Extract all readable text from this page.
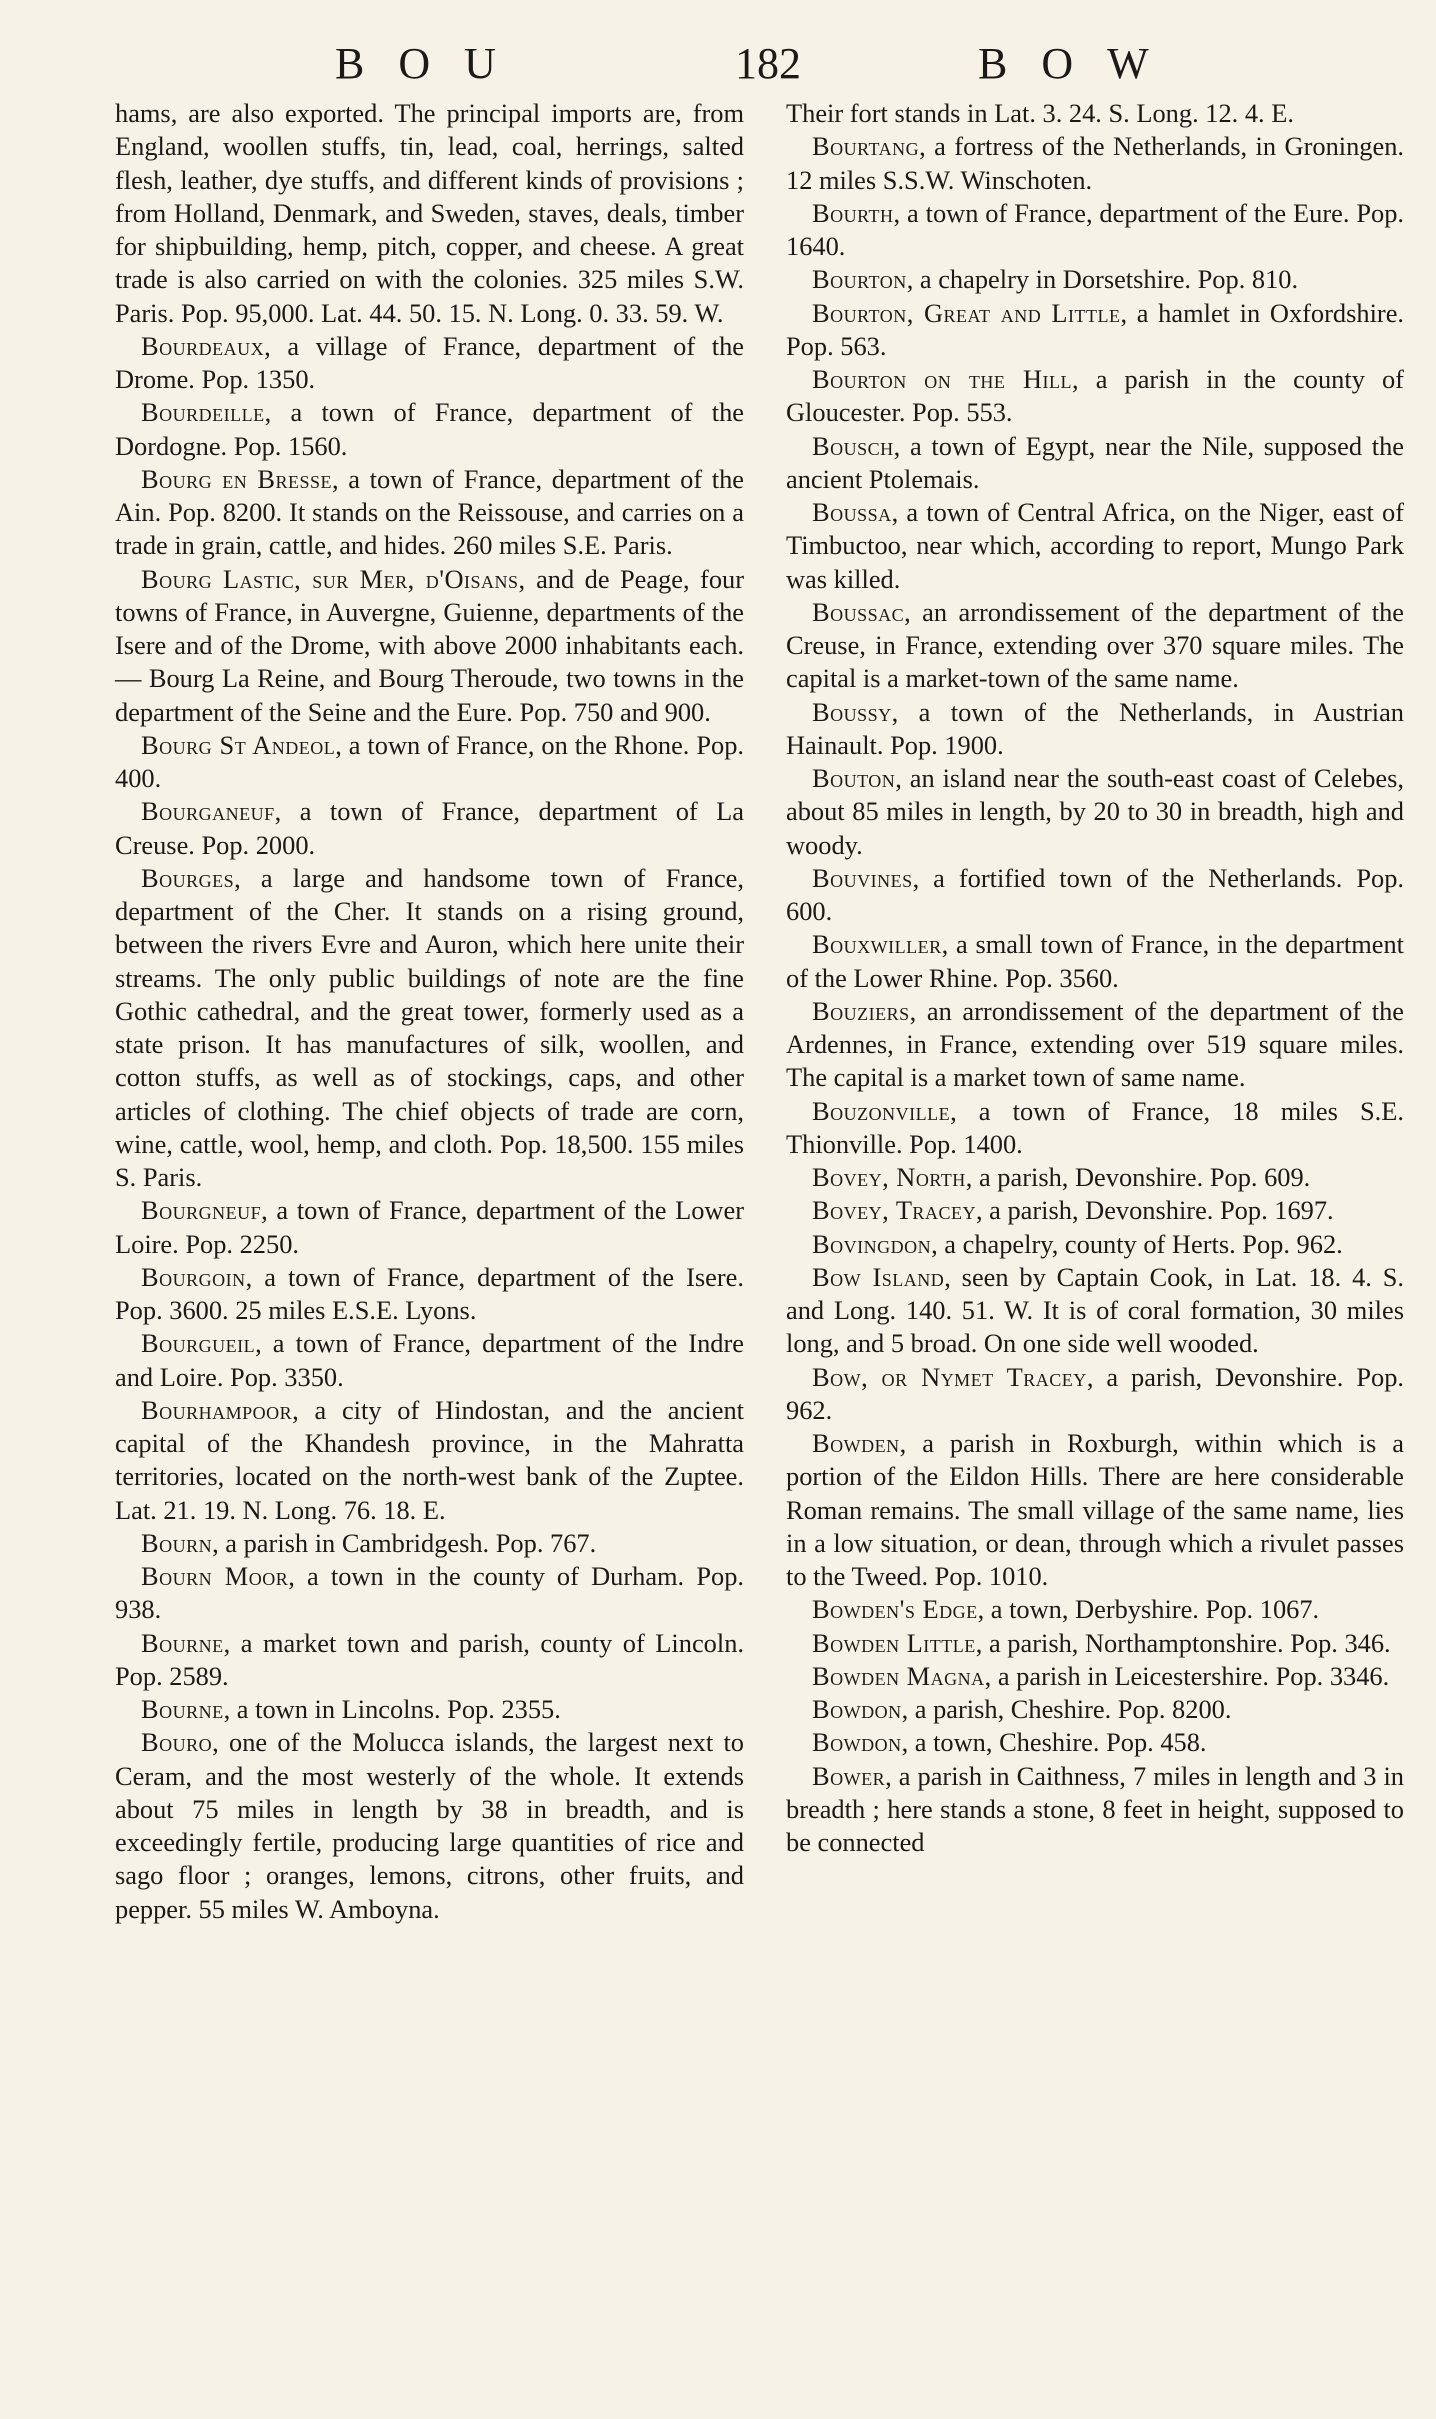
BOU	182	BOW

hams, are also exported. The principal imports are, from England, woollen stuffs, tin, lead, coal, herrings, salted flesh, leather, dye stuffs, and different kinds of provisions ; from Holland, Denmark, and Sweden, staves, deals, timber for shipbuilding, hemp, pitch, copper, and cheese. A great trade is also carried on with the colonies. 325 miles S.W. Paris. Pop. 95,000. Lat. 44. 50. 15. N. Long. 0. 33. 59. W.

Bourdeaux, a village of France, department of the Drome. Pop. 1350.

Bourdeille, a town of France, department of the Dordogne. Pop. 1560.

Bourg en Bresse, a town of France, department of the Ain. Pop. 8200. It stands on the Reissouse, and carries on a trade in grain, cattle, and hides. 260 miles S.E. Paris.

Bourg Lastic, sur Mer, d'Oisans, and de Peage, four towns of France, in Auvergne, Guienne, departments of the Isere and of the Drome, with above 2000 inhabitants each.— Bourg La Reine, and Bourg Theroude, two towns in the department of the Seine and the Eure. Pop. 750 and 900.

Bourg St Andeol, a town of France, on the Rhone. Pop. 400.

Bourganeuf, a town of France, department of La Creuse. Pop. 2000.

Bourges, a large and handsome town of France, department of the Cher. It stands on a rising ground, between the rivers Evre and Auron, which here unite their streams. The only public buildings of note are the fine Gothic cathedral, and the great tower, formerly used as a state prison. It has manufactures of silk, woollen, and cotton stuffs, as well as of stockings, caps, and other articles of clothing. The chief objects of trade are corn, wine, cattle, wool, hemp, and cloth. Pop. 18,500. 155 miles S. Paris.

Bourgneuf, a town of France, department of the Lower Loire. Pop. 2250.

Bourgoin, a town of France, department of the Isere. Pop. 3600. 25 miles E.S.E. Lyons.

Bourgueil, a town of France, department of the Indre and Loire. Pop. 3350.

Bourhampoor, a city of Hindostan, and the ancient capital of the Khandesh province, in the Mahratta territories, located on the north-west bank of the Zuptee. Lat. 21. 19. N. Long. 76. 18. E.

Bourn, a parish in Cambridgesh. Pop. 767.

Bourn Moor, a town in the county of Durham. Pop. 938.

Bourne, a market town and parish, county of Lincoln. Pop. 2589.

Bourne, a town in Lincolns. Pop. 2355.

Bouro, one of the Molucca islands, the largest next to Ceram, and the most westerly of the whole. It extends about 75 miles in length by 38 in breadth, and is exceedingly fertile, producing large quantities of rice and sago floor ; oranges, lemons, citrons, other fruits, and pepper. 55 miles W. Amboyna.

Their fort stands in Lat. 3. 24. S. Long. 12. 4. E.

Bourtang, a fortress of the Netherlands, in Groningen. 12 miles S.S.W. Winschoten.

Bourth, a town of France, department of the Eure. Pop. 1640.

Bourton, a chapelry in Dorsetshire. Pop. 810.

Bourton, Great and Little, a hamlet in Oxfordshire. Pop. 563.

Bourton on the Hill, a parish in the county of Gloucester. Pop. 553.

Bousch, a town of Egypt, near the Nile, supposed the ancient Ptolemais.

Boussa, a town of Central Africa, on the Niger, east of Timbuctoo, near which, according to report, Mungo Park was killed.

Boussac, an arrondissement of the department of the Creuse, in France, extending over 370 square miles. The capital is a market-town of the same name.

Boussy, a town of the Netherlands, in Austrian Hainault. Pop. 1900.

Bouton, an island near the south-east coast of Celebes, about 85 miles in length, by 20 to 30 in breadth, high and woody.

Bouvines, a fortified town of the Netherlands. Pop. 600.

Bouxwiller, a small town of France, in the department of the Lower Rhine. Pop. 3560.

Bouziers, an arrondissement of the department of the Ardennes, in France, extending over 519 square miles. The capital is a market town of same name.

Bouzonville, a town of France, 18 miles S.E. Thionville. Pop. 1400.

Bovey, North, a parish, Devonshire. Pop. 609.

Bovey, Tracey, a parish, Devonshire. Pop. 1697.

Bovingdon, a chapelry, county of Herts. Pop. 962.

Bow Island, seen by Captain Cook, in Lat. 18. 4. S. and Long. 140. 51. W. It is of coral formation, 30 miles long, and 5 broad. On one side well wooded.

Bow, or Nymet Tracey, a parish, Devonshire. Pop. 962.

Bowden, a parish in Roxburgh, within which is a portion of the Eildon Hills. There are here considerable Roman remains. The small village of the same name, lies in a low situation, or dean, through which a rivulet passes to the Tweed. Pop. 1010.

Bowden's Edge, a town, Derbyshire. Pop. 1067.

Bowden Little, a parish, Northamptonshire. Pop. 346.

Bowden Magna, a parish in Leicestershire. Pop. 3346.

Bowdon, a parish, Cheshire. Pop. 8200.

Bowdon, a town, Cheshire. Pop. 458.

Bower, a parish in Caithness, 7 miles in length and 3 in breadth ; here stands a stone, 8 feet in height, supposed to be connected
